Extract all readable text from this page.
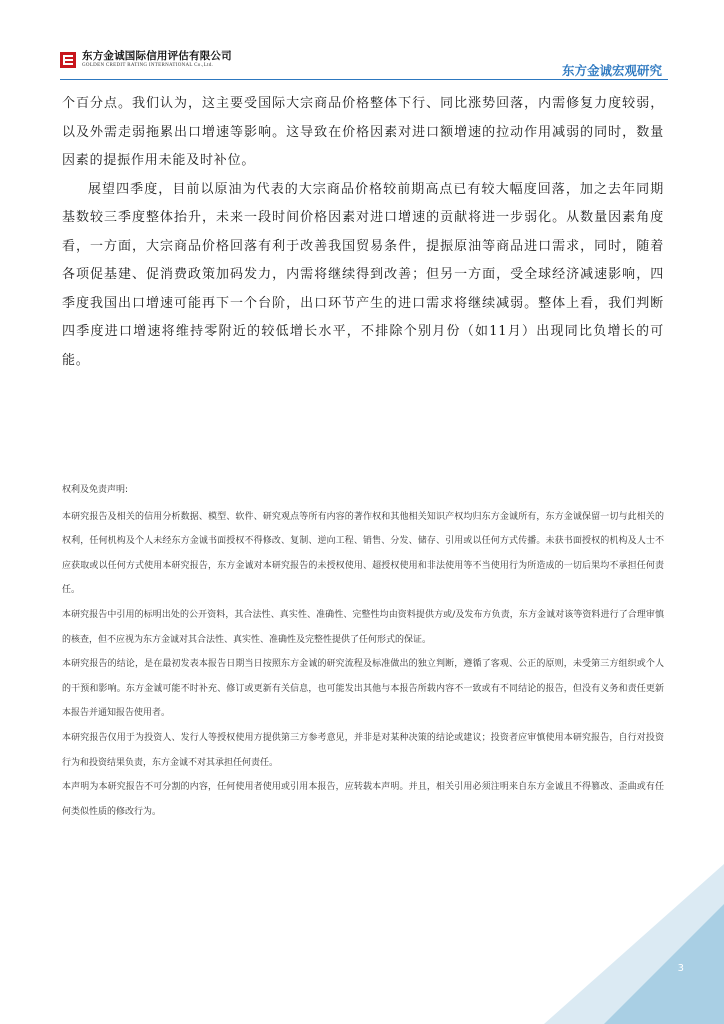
东方金诚国际信用评估有限公司
GOLDEN CREDIT RATING INTERNATIONAL Co.,Ltd.	东方金诚宏观研究

个百分点。我们认为，这主要受国际大宗商品价格整体下行、同比涨势回落，内需修复力度较弱，以及外需走弱拖累出口增速等影响。这导致在价格因素对进口额增速的拉动作用减弱的同时，数量因素的提振作用未能及时补位。

展望四季度，目前以原油为代表的大宗商品价格较前期高点已有较大幅度回落，加之去年同期基数较三季度整体抬升，未来一段时间价格因素对进口增速的贡献将进一步弱化。从数量因素角度看，一方面，大宗商品价格回落有利于改善我国贸易条件，提振原油等商品进口需求，同时，随着各项促基建、促消费政策加码发力，内需将继续得到改善；但另一方面，受全球经济减速影响，四季度我国出口增速可能再下一个台阶，出口环节产生的进口需求将继续减弱。整体上看，我们判断四季度进口增速将维持零附近的较低增长水平，不排除个别月份（如11月）出现同比负增长的可能。

权利及免责声明:

本研究报告及相关的信用分析数据、模型、软件、研究观点等所有内容的著作权和其他相关知识产权均归东方金诚所有，东方金诚保留一切与此相关的权利，任何机构及个人未经东方金诚书面授权不得修改、复制、逆向工程、销售、分发、储存、引用或以任何方式传播。未获书面授权的机构及人士不应获取或以任何方式使用本研究报告，东方金诚对本研究报告的未授权使用、超授权使用和非法使用等不当使用行为所造成的一切后果均不承担任何责任。

本研究报告中引用的标明出处的公开资料，其合法性、真实性、准确性、完整性均由资料提供方或/及发布方负责，东方金诚对该等资料进行了合理审慎的核查，但不应视为东方金诚对其合法性、真实性、准确性及完整性提供了任何形式的保证。

本研究报告的结论，是在最初发表本报告日期当日按照东方金诚的研究流程及标准做出的独立判断，遵循了客观、公正的原则，未受第三方组织或个人的干预和影响。东方金诚可能不时补充、修订或更新有关信息，也可能发出其他与本报告所载内容不一致或有不同结论的报告，但没有义务和责任更新本报告并通知报告使用者。

本研究报告仅用于为投资人、发行人等授权使用方提供第三方参考意见，并非是对某种决策的结论或建议；投资者应审慎使用本研究报告，自行对投资行为和投资结果负责，东方金诚不对其承担任何责任。

本声明为本研究报告不可分割的内容，任何使用者使用或引用本报告，应转载本声明。并且，相关引用必须注明来自东方金诚且不得篡改、歪曲或有任何类似性质的修改行为。

3
